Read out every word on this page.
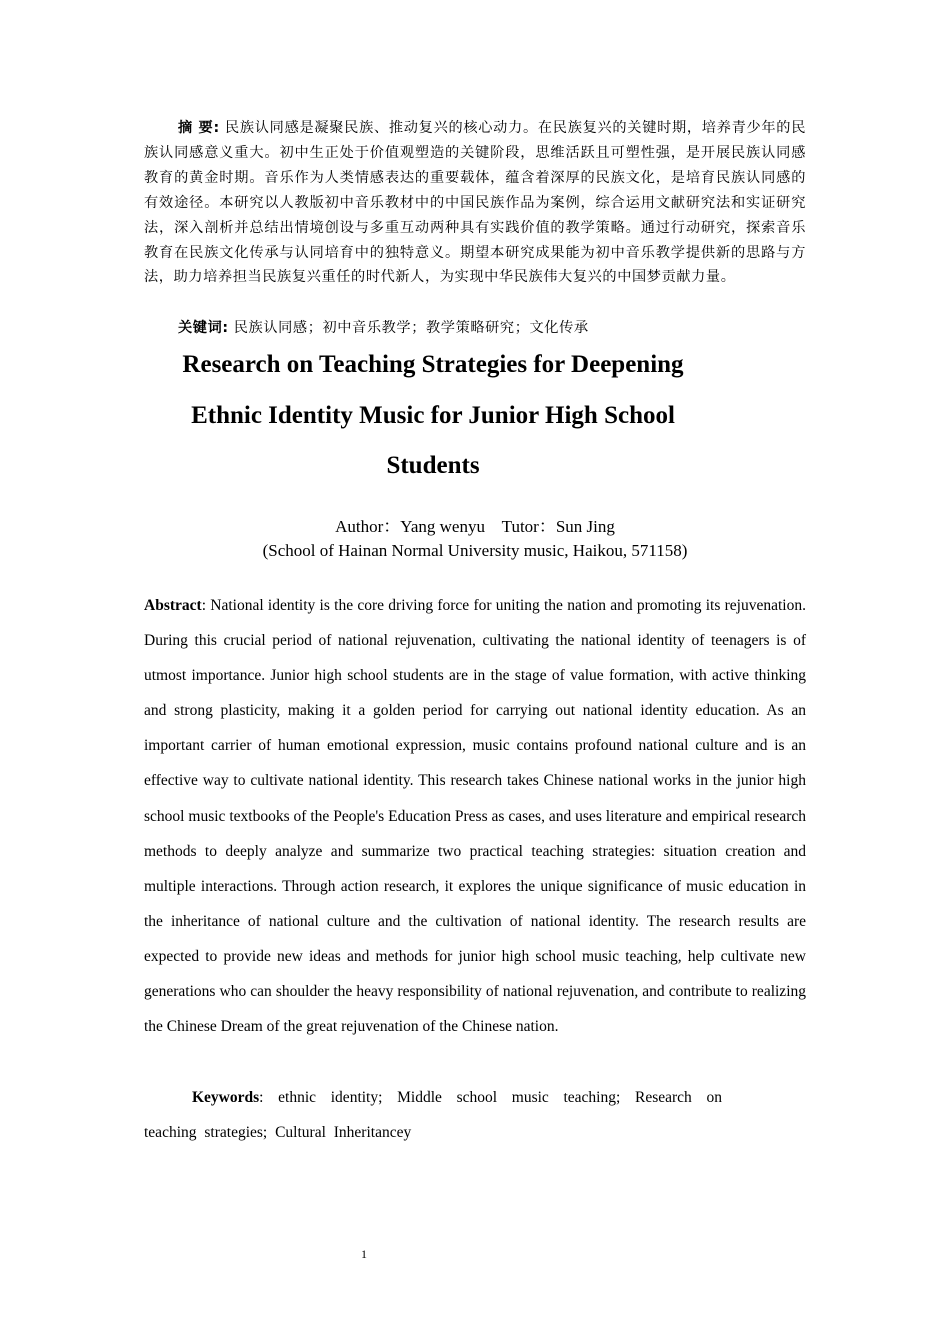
摘 要: 民族认同感是凝聚民族、推动复兴的核心动力。在民族复兴的关键时期，培养青少年的民族认同感意义重大。初中生正处于价值观塑造的关键阶段，思维活跃且可塑性强，是开展民族认同感教育的黄金时期。音乐作为人类情感表达的重要载体，蕴含着深厚的民族文化，是培育民族认同感的有效途径。本研究以人教版初中音乐教材中的中国民族作品为案例，综合运用文献研究法和实证研究法，深入剖析并总结出情境创设与多重互动两种具有实践价值的教学策略。通过行动研究，探索音乐教育在民族文化传承与认同培育中的独特意义。期望本研究成果能为初中音乐教学提供新的思路与方法，助力培养担当民族复兴重任的时代新人，为实现中华民族伟大复兴的中国梦贡献力量。

关键词: 民族认同感；初中音乐教学；教学策略研究；文化传承

Research on Teaching Strategies for Deepening
Ethnic Identity Music for Junior High School
Students

Author：Yang wenyu    Tutor：Sun Jing

(School of Hainan Normal University music, Haikou, 571158)

Abstract: National identity is the core driving force for uniting the nation and promoting its rejuvenation. During this crucial period of national rejuvenation, cultivating the national identity of teenagers is of utmost importance. Junior high school students are in the stage of value formation, with active thinking and strong plasticity, making it a golden period for carrying out national identity education. As an important carrier of human emotional expression, music contains profound national culture and is an effective way to cultivate national identity. This research takes Chinese national works in the junior high school music textbooks of the People's Education Press as cases, and uses literature and empirical research methods to deeply analyze and summarize two practical teaching strategies: situation creation and multiple interactions. Through action research, it explores the unique significance of music education in the inheritance of national culture and the cultivation of national identity. The research results are expected to provide new ideas and methods for junior high school music teaching, help cultivate new generations who can shoulder the heavy responsibility of national rejuvenation, and contribute to realizing the Chinese Dream of the great rejuvenation of the Chinese nation.

Keywords: ethnic identity; Middle school music teaching; Research on teaching strategies; Cultural Inheritancey

1
